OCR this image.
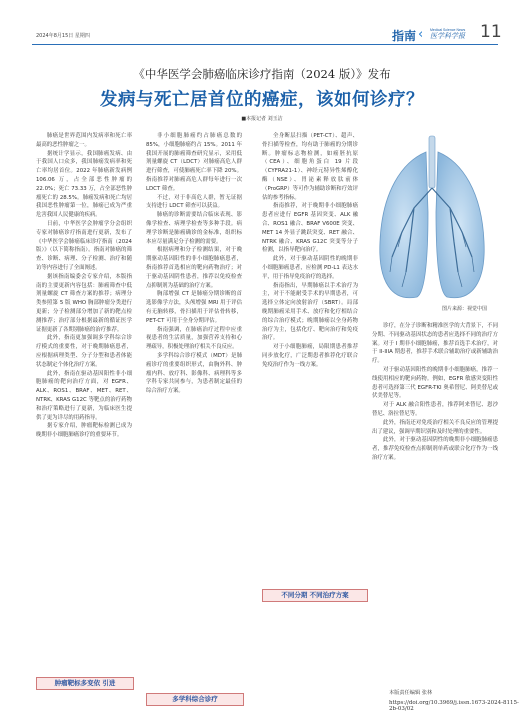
2024年8月15日 星期四	指南 ‹ Medical Science News
医学科学报 11
《中华医学会肺癌临床诊疗指南（2024 版）》发布
发病与死亡居首位的癌症，该如何诊疗？
■本报记者 刘玉洁

肺癌是世界范围内发病率和死亡率最高的恶性肿瘤之一。

据统计学显示，我国肺癌发病、由于我国人口众多，我国肺癌发病率和死亡率均居首位。2022 年肺癌新发病例 106.06 万，占全部恶性肿瘤的 22.0%；死亡 73.33 万，占全部恶性肿瘤死亡的 28.5%。肺癌发病和死亡均居我国恶性肿瘤第一位，肺癌已成为严重危害我国人民健康的疾病。

日前，中华医学会肿瘤学分会组织专家对肺癌诊疗指南进行更新，发布了《中华医学会肺癌临床诊疗指南（2024 版）》（以下简称指南）。指南对肺癌的筛查、诊断、病理、分子检测、治疗和随访等内容进行了全面阐述。

据该指南编委会专家介绍，本版指南的主要更新内容包括：肺癌筛查中低剂量螺旋 CT 筛查方案的推荐；病理分类参照第 5 版 WHO 胸部肿瘤分类进行更新；分子检测部分增加了新的靶点检测推荐；治疗部分根据最新的循证医学证据更新了各期别肺癌的治疗推荐。

此外，指南更加强调多学科综合诊疗模式的重要性，对于晚期肺癌患者，应根据病理类型、分子分型和患者体能状态制定个体化治疗方案。

此外，指南在驱动基因阳性非小细胞肺癌的靶向治疗方面，对 EGFR、ALK、ROS1、BRAF、MET、RET、NTRK、KRAS G12C 等靶点的治疗药物和治疗策略进行了更新，为临床医生提供了更为详尽的用药指导。

据专家介绍，肿瘤靶标检测已成为晚期非小细胞肺癌诊疗的重要环节。

肿瘤靶标多变依 引进

非小细胞肺癌约占肺癌总数的 85%，小细胞肺癌约占 15%。2011 年我国开展的肺癌筛查研究显示，采用低剂量螺旋 CT（LDCT）对肺癌高危人群进行筛查，可使肺癌死亡率下降 20%。指南推荐对肺癌高危人群每年进行一次 LDCT 筛查。

不过，对于非高危人群，暂无证据支持进行 LDCT 筛查可以获益。

肺癌的诊断需要结合临床表现、影像学检查、病理学检查等多种手段。病理学诊断是肺癌确诊的金标准，组织标本应尽量满足分子检测的需要。

根据病理和分子检测结果，对于晚期驱动基因阳性的非小细胞肺癌患者，指南推荐首选相应的靶向药物治疗；对于驱动基因阴性患者，推荐以免疫检查点抑制剂为基础的治疗方案。

胸部增强 CT 是肺癌分期诊断的首选影像学方法，头颅增强 MRI 用于评估有无脑转移，骨扫描用于评估骨转移，PET-CT 可用于全身分期评估。

指南强调，在肺癌治疗过程中应重视患者的生活质量，加强营养支持和心理疏导，积极处理治疗相关不良反应。

多学科综合诊疗模式（MDT）是肺癌诊疗的重要组织形式，由胸外科、肿瘤内科、放疗科、影像科、病理科等多学科专家共同参与，为患者制定最佳的综合治疗方案。

多学科综合诊疗

全身断层扫描（PET-CT）、超声、骨扫描等检查，均有助于肺癌的分期诊断。肿瘤标志物检测，如癌胚抗原（CEA）、细胞角蛋白 19 片段（CYFRA21-1）、神经元特异性烯醇化酶（NSE）、胃泌素释放肽前体（ProGRP）等可作为辅助诊断和疗效评估的参考指标。

指南推荐，对于晚期非小细胞肺癌患者应进行 EGFR 基因突变、ALK 融合、ROS1 融合、BRAF V600E 突变、MET 14 外显子跳跃突变、RET 融合、NTRK 融合、KRAS G12C 突变等分子检测，以指导靶向治疗。

此外，对于驱动基因阴性的晚期非小细胞肺癌患者，应检测 PD-L1 表达水平，用于指导免疫治疗的选择。

指南指出，早期肺癌以手术治疗为主，对于不能耐受手术的早期患者，可选择立体定向放射治疗（SBRT）。局部晚期肺癌采用手术、放疗和化疗相结合的综合治疗模式；晚期肺癌以全身药物治疗为主，包括化疗、靶向治疗和免疫治疗。

对于小细胞肺癌，局限期患者推荐同步放化疗，广泛期患者推荐化疗联合免疫治疗作为一线方案。

不同分期 不同治疗方案

诊疗，在分子诊断和精准医学的大背景下，不同分期、不同驱动基因状态的患者应选择不同的治疗方案。对于 I 期非小细胞肺癌，推荐首选手术治疗，对于 II-IIIA 期患者，推荐手术联合辅助治疗或新辅助治疗。

对于驱动基因阳性的晚期非小细胞肺癌，推荐一线使用相应的靶向药物。例如，EGFR 敏感突变阳性患者可选择第三代 EGFR-TKI 奥希替尼、阿美替尼或伏美替尼等。

对于 ALK 融合阳性患者，推荐阿来替尼、恩沙替尼、洛拉替尼等。

此外，指南还对免疫治疗相关不良反应的管理提出了建议，强调早期识别和及时处理的重要性。

此外，对于驱动基因阴性的晚期非小细胞肺癌患者，推荐免疫检查点抑制剂单药或联合化疗作为一线治疗方案。

图片来源：视觉中国
本版责任编辑 张林
https://doi.org/10.3969/j.issn.1673-2024-8115-2b-03/02
